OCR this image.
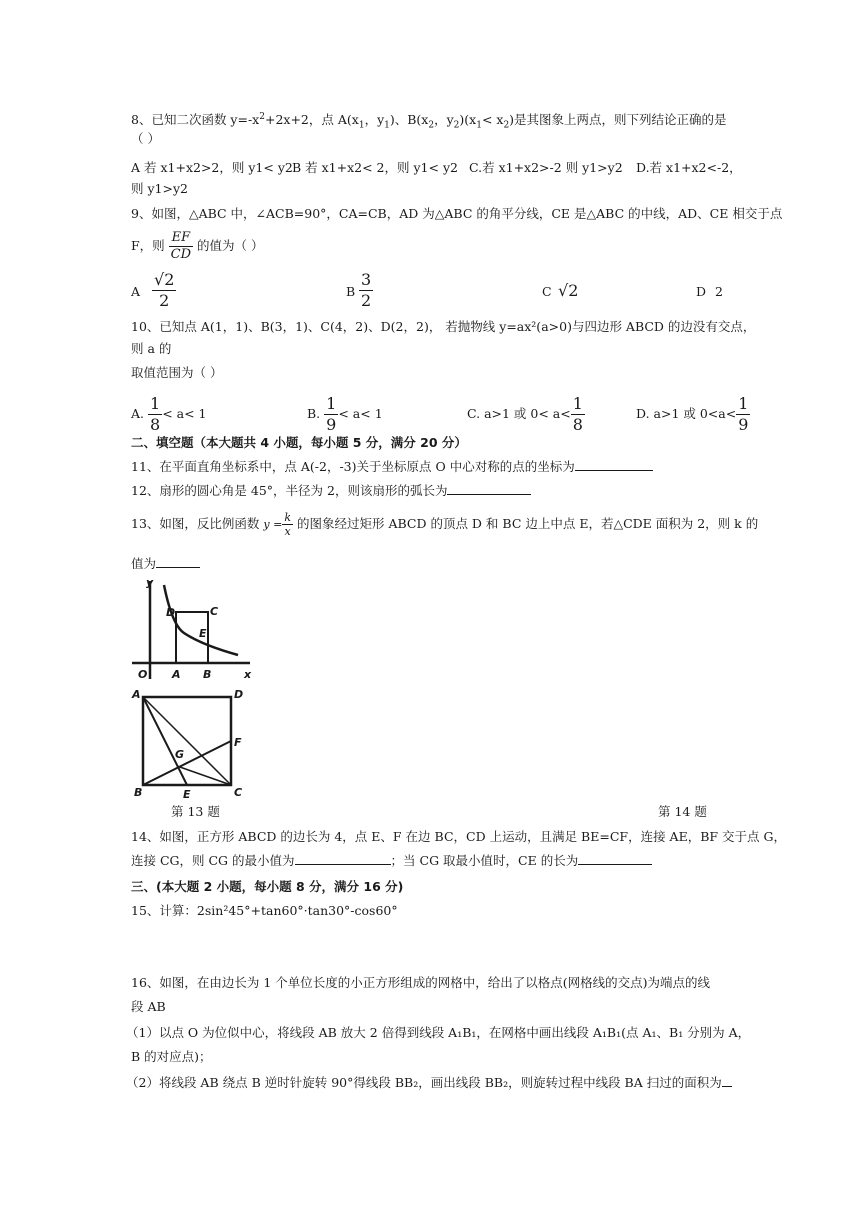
8、已知二次函数 $y=-x^2+2x+2$，点 $A(x_1$，$y_1$)、$B(x_2$，$y_2)(x_1< x_2)$是其图象上两点，则下列结论正确的是
（ ）
A 若 x1+x2>2，则 y1< y2 B 若 x1+x2< 2，则 y1< y2 C.若 x1+x2>-2 则 y1>y2 D.若 x1+x2<-2，
则 y1>y2
9、如图，△ABC 中，∠ACB=90°，CA=CB，AD 为△ABC 的角平分线，CE 是△ABC 的中线，AD、CE 相交于点
F，则 $\frac{EF}{CD}$ 的值为（ ）
A $\frac{√2}{2}$	B $\frac{3}{2}$	C √2	D 2
10、已知点 A(1，1)、B(3，1)、C(4，2)、D(2，2)， 若抛物线 y=ax²(a>0)与四边形 ABCD 的边没有交点，
则 a 的
取值范围为（ ）
A. $\frac{1}{8} < a< 1$	B. $\frac{1}{9} < a< 1$	C. a>1 或 $0< a< \frac{1}{8}$	D. a>1 或 $0<a< \frac{1}{9}$
二、填空题（本大题共 4 小题，每小题 5 分，满分 20 分）
11、在平面直角坐标系中，点 A(-2，-3)关于坐标原点 O 中心对称的点的坐标为
12、扇形的圆心角是 45°，半径为 2，则该扇形的弧长为
13、如图，反比例函数 $y = \frac{k}{x}$ 的图象经过矩形 ABCD 的顶点 D 和 BC 边上中点 E，若△CDE 面积为 2，则 k 的
值为
y
x
O A B
C
D
E
A	D
B	C
E
F
G
第 13 题	第 14 题
14、如图，正方形 ABCD 的边长为 4，点 E、F 在边 BC，CD 上运动，且满足 BE=CF，连接 AE，BF 交于点 G，
连接 CG，则 CG 的最小值为	；当 CG 取最小值时，CE 的长为
三、(本大题 2 小题，每小题 8 分，满分 16 分)
15、计算：2sin²45°+tan60°·tan30°-cos60°
16、如图，在由边长为 1 个单位长度的小正方形组成的网格中，给出了以格点(网格线的交点)为端点的线
段 AB
（1）以点 O 为位似中心，将线段 AB 放大 2 倍得到线段 A₁B₁，在网格中画出线段 A₁B₁(点 A₁、B₁ 分别为 A，
B 的对应点)；
（2）将线段 AB 绕点 B 逆时针旋转 90°得线段 BB₂，画出线段 BB₂，则旋转过程中线段 BA 扫过的面积为
